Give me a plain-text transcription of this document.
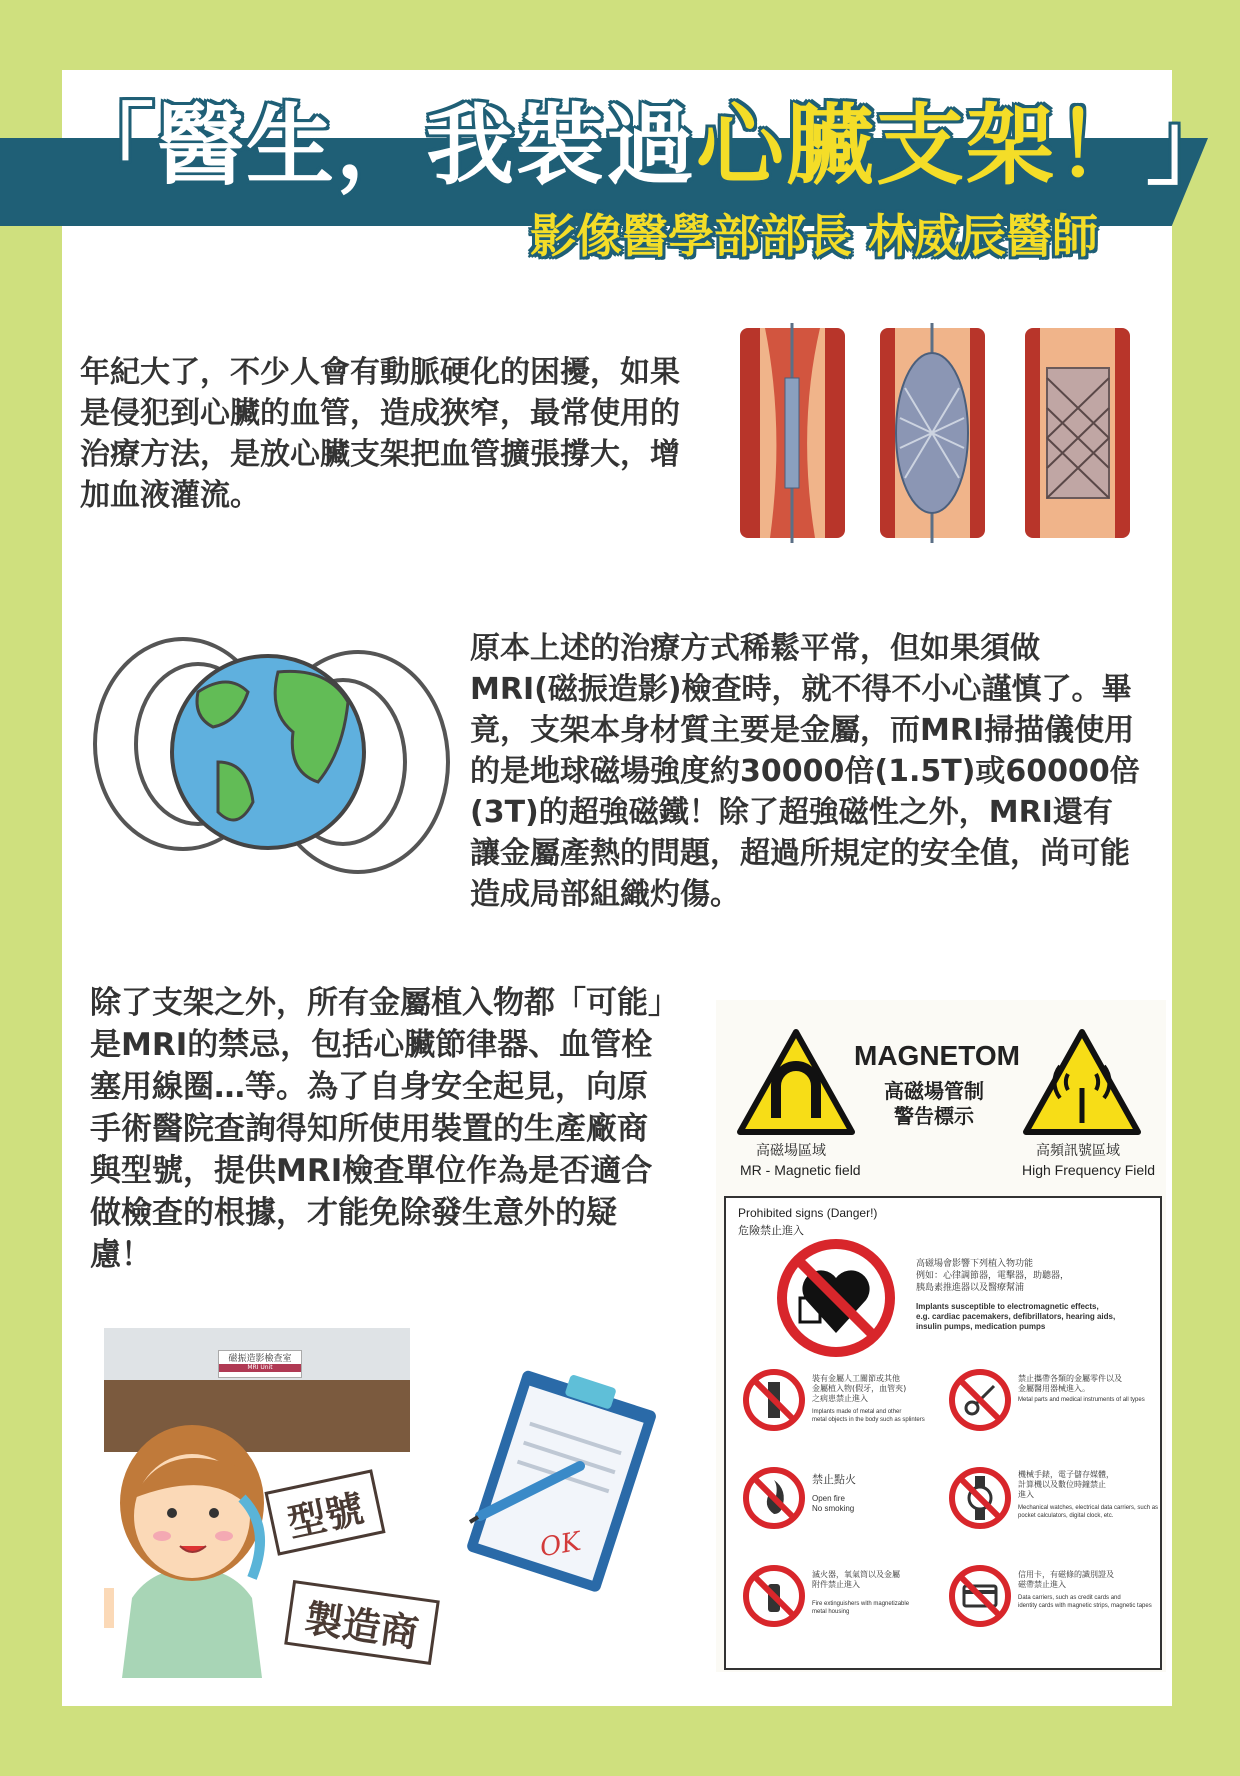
「醫生，我裝過心臟支架！」
影像醫學部部長 林威辰醫師
年紀大了，不少人會有動脈硬化的困擾，如果是侵犯到心臟的血管，造成狹窄，最常使用的治療方法，是放心臟支架把血管擴張撐大，增加血液灌流。
原本上述的治療方式稀鬆平常，但如果須做MRI(磁振造影)檢查時，就不得不小心謹慎了。畢竟，支架本身材質主要是金屬，而MRI掃描儀使用的是地球磁場強度約30000倍(1.5T)或60000倍(3T)的超強磁鐵！除了超強磁性之外，MRI還有讓金屬產熱的問題，超過所規定的安全值，尚可能造成局部組織灼傷。
除了支架之外，所有金屬植入物都「可能」是MRI的禁忌，包括心臟節律器、血管栓塞用線圈…等。為了自身安全起見，向原手術醫院查詢得知所使用裝置的生產廠商與型號，提供MRI檢查單位作為是否適合做檢查的根據，才能免除發生意外的疑慮！
MAGNETOM
高磁場管制
警告標示
高磁場區域
MR - Magnetic field
高頻訊號區域
High Frequency Field
Prohibited signs (Danger!)
危險禁止進入
高磁場會影響下列植入物功能
例如：心律調節器，電擊器，助聽器，
胰島素推進器以及醫療幫浦
Implants susceptible to electromagnetic effects,
e.g. cardiac pacemakers, defibrillators, hearing aids,
insulin pumps, medication pumps
裝有金屬人工關節或其他
金屬植入物(假牙，血管夾)
之病患禁止進入
Implants made of metal and other
metal objects in the body such as splinters
禁止攜帶各類的金屬零件以及
金屬醫用器械進入。
Metal parts and medical instruments of all types
禁止點火
Open fire
No smoking
機械手錶，電子儲存媒體，
計算機以及數位時鐘禁止
進入
Mechanical watches, electrical data carriers, such as
pocket calculators, digital clock, etc.
滅火器，氧氣筒以及金屬
附件禁止進入
Fire extinguishers with magnetizable
metal housing
信用卡，有磁條的識別證及
磁帶禁止進入
Data carriers, such as credit cards and
identity cards with magnetic strips, magnetic tapes
磁振造影檢查室
MRI Unit
型號
製造商
OK
